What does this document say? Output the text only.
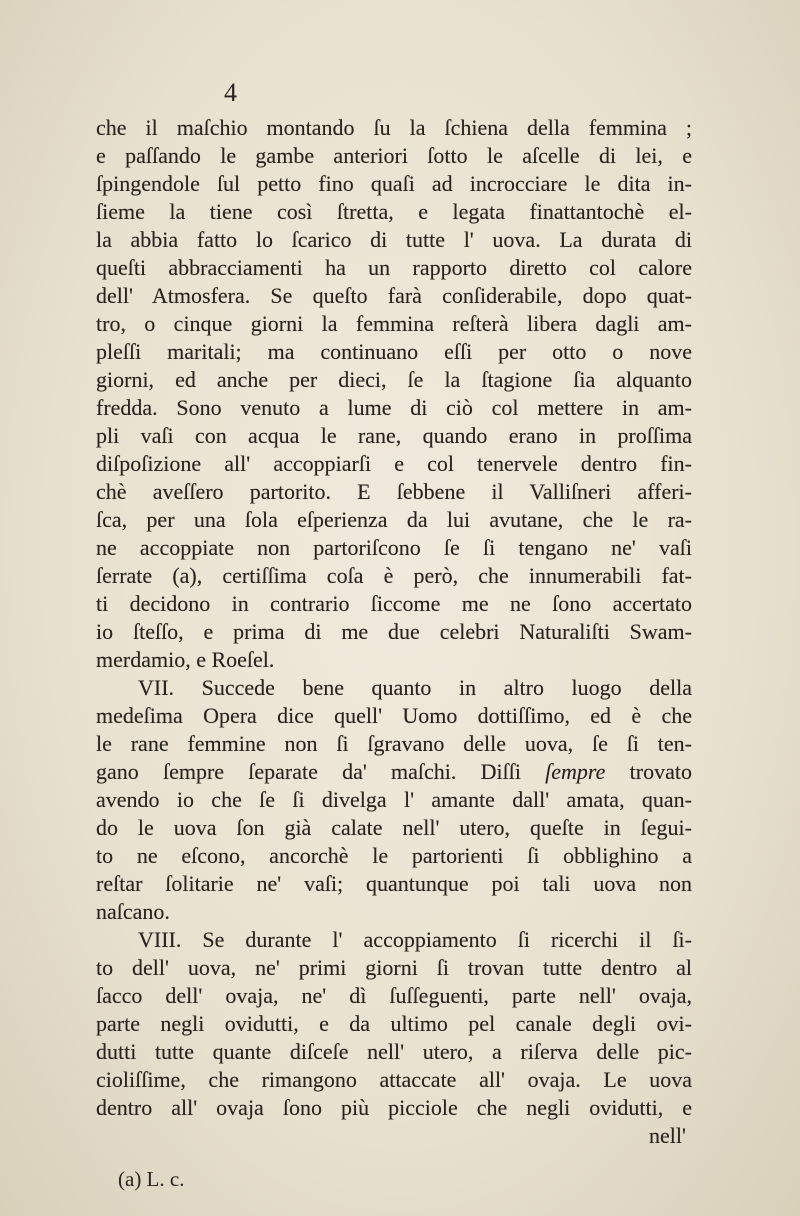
4
che il maſchio montando ſu la ſchiena della femmina ;
e paſſando le gambe anteriori ſotto le aſcelle di lei, e
ſpingendole ſul petto fino quaſi ad incrocciare le dita in-
ſieme la tiene così ſtretta, e legata finattantochè el-
la abbia fatto lo ſcarico di tutte l' uova. La durata di
queſti abbracciamenti ha un rapporto diretto col calore
dell' Atmosfera. Se queſto farà conſiderabile, dopo quat-
tro, o cinque giorni la femmina reſterà libera dagli am-
pleſſi maritali; ma continuano eſſi per otto o nove
giorni, ed anche per dieci, ſe la ſtagione ſia alquanto
fredda. Sono venuto a lume di ciò col mettere in am-
pli vaſi con acqua le rane, quando erano in proſſima
diſpoſizione all' accoppiarſi e col tenervele dentro fin-
chè aveſſero partorito. E ſebbene il Valliſneri afferi-
ſca, per una ſola eſperienza da lui avutane, che le ra-
ne accoppiate non partoriſcono ſe ſi tengano ne' vaſi
ſerrate (a), certiſſima coſa è però, che innumerabili fat-
ti decidono in contrario ſiccome me ne ſono accertato
io ſteſſo, e prima di me due celebri Naturaliſti Swam-
merdamio, e Roeſel.
VII. Succede bene quanto in altro luogo della
medeſima Opera dice quell' Uomo dottiſſimo, ed è che
le rane femmine non ſi ſgravano delle uova, ſe ſi ten-
gano ſempre ſeparate da' maſchi. Diſſi ſempre trovato
avendo io che ſe ſi divelga l' amante dall' amata, quan-
do le uova ſon già calate nell' utero, queſte in ſegui-
to ne eſcono, ancorchè le partorienti ſi obblighino a
reſtar ſolitarie ne' vaſi; quantunque poi tali uova non
naſcano.
VIII. Se durante l' accoppiamento ſi ricerchi il ſi-
to dell' uova, ne' primi giorni ſi trovan tutte dentro al
ſacco dell' ovaja, ne' dì ſuſſeguenti, parte nell' ovaja,
parte negli ovidutti, e da ultimo pel canale degli ovi-
dutti tutte quante diſceſe nell' utero, a riſerva delle pic-
cioliſſime, che rimangono attaccate all' ovaja. Le uova
dentro all' ovaja ſono più picciole che negli ovidutti, e
nell'
(a) L. c.
